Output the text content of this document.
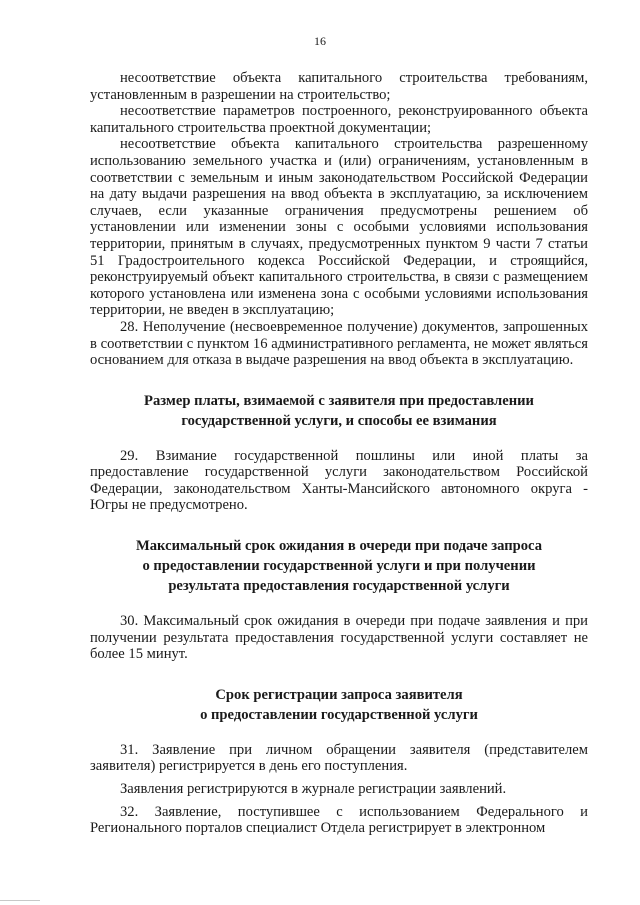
16

несоответствие объекта капитального строительства требованиям, установленным в разрешении на строительство;

несоответствие параметров построенного, реконструированного объекта капитального строительства проектной документации;

несоответствие объекта капитального строительства разрешенному использованию земельного участка и (или) ограничениям, установленным в соответствии с земельным и иным законодательством Российской Федерации на дату выдачи разрешения на ввод объекта в эксплуатацию, за исключением случаев, если указанные ограничения предусмотрены решением об установлении или изменении зоны с особыми условиями использования территории, принятым в случаях, предусмотренных пунктом 9 части 7 статьи 51 Градостроительного кодекса Российской Федерации, и строящийся, реконструируемый объект капитального строительства, в связи с размещением которого установлена или изменена зона с особыми условиями использования территории, не введен в эксплуатацию;

28. Неполучение (несвоевременное получение) документов, запрошенных в соответствии с пунктом 16 административного регламента, не может являться основанием для отказа в выдаче разрешения на ввод объекта в эксплуатацию.

Размер платы, взимаемой с заявителя при предоставлении

государственной услуги, и способы ее взимания

29. Взимание государственной пошлины или иной платы за предоставление государственной услуги законодательством Российской Федерации, законодательством Ханты-Мансийского автономного округа - Югры не предусмотрено.

Максимальный срок ожидания в очереди при подаче запроса

о предоставлении государственной услуги и при получении

результата предоставления государственной услуги

30. Максимальный срок ожидания в очереди при подаче заявления и при получении результата предоставления государственной услуги составляет не более 15 минут.

Срок регистрации запроса заявителя

о предоставлении государственной услуги

31. Заявление при личном обращении заявителя (представителем заявителя) регистрируется в день его поступления.

Заявления регистрируются в журнале регистрации заявлений.

32. Заявление, поступившее с использованием Федерального и Регионального порталов специалист Отдела регистрирует в электронном
